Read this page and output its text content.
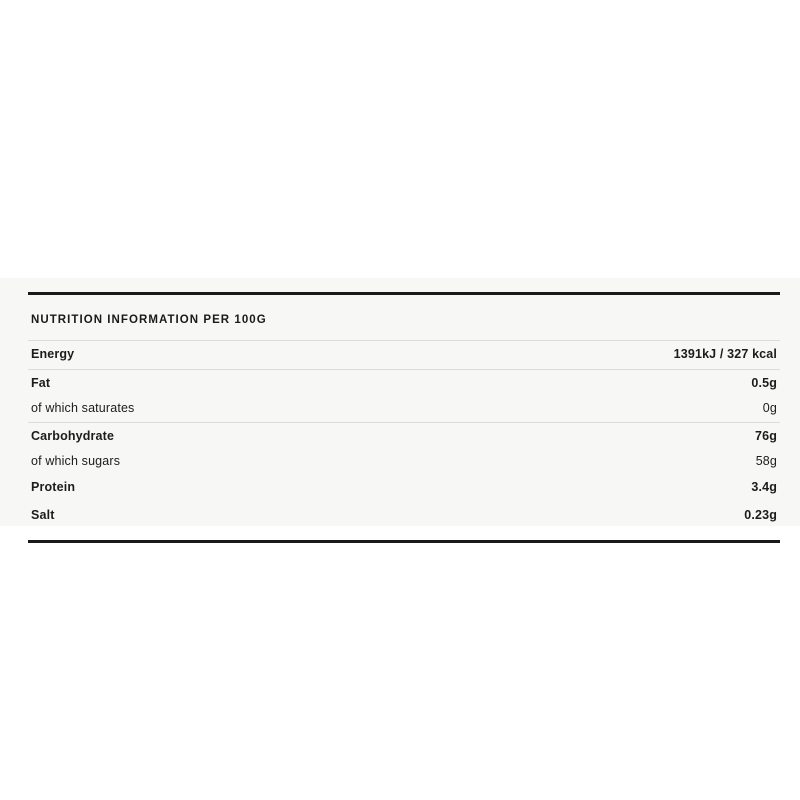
NUTRITION INFORMATION PER 100G
Energy	1391kJ / 327 kcal
Fat	0.5g
of which saturates	0g
Carbohydrate	76g
of which sugars	58g
Protein	3.4g
Salt	0.23g
